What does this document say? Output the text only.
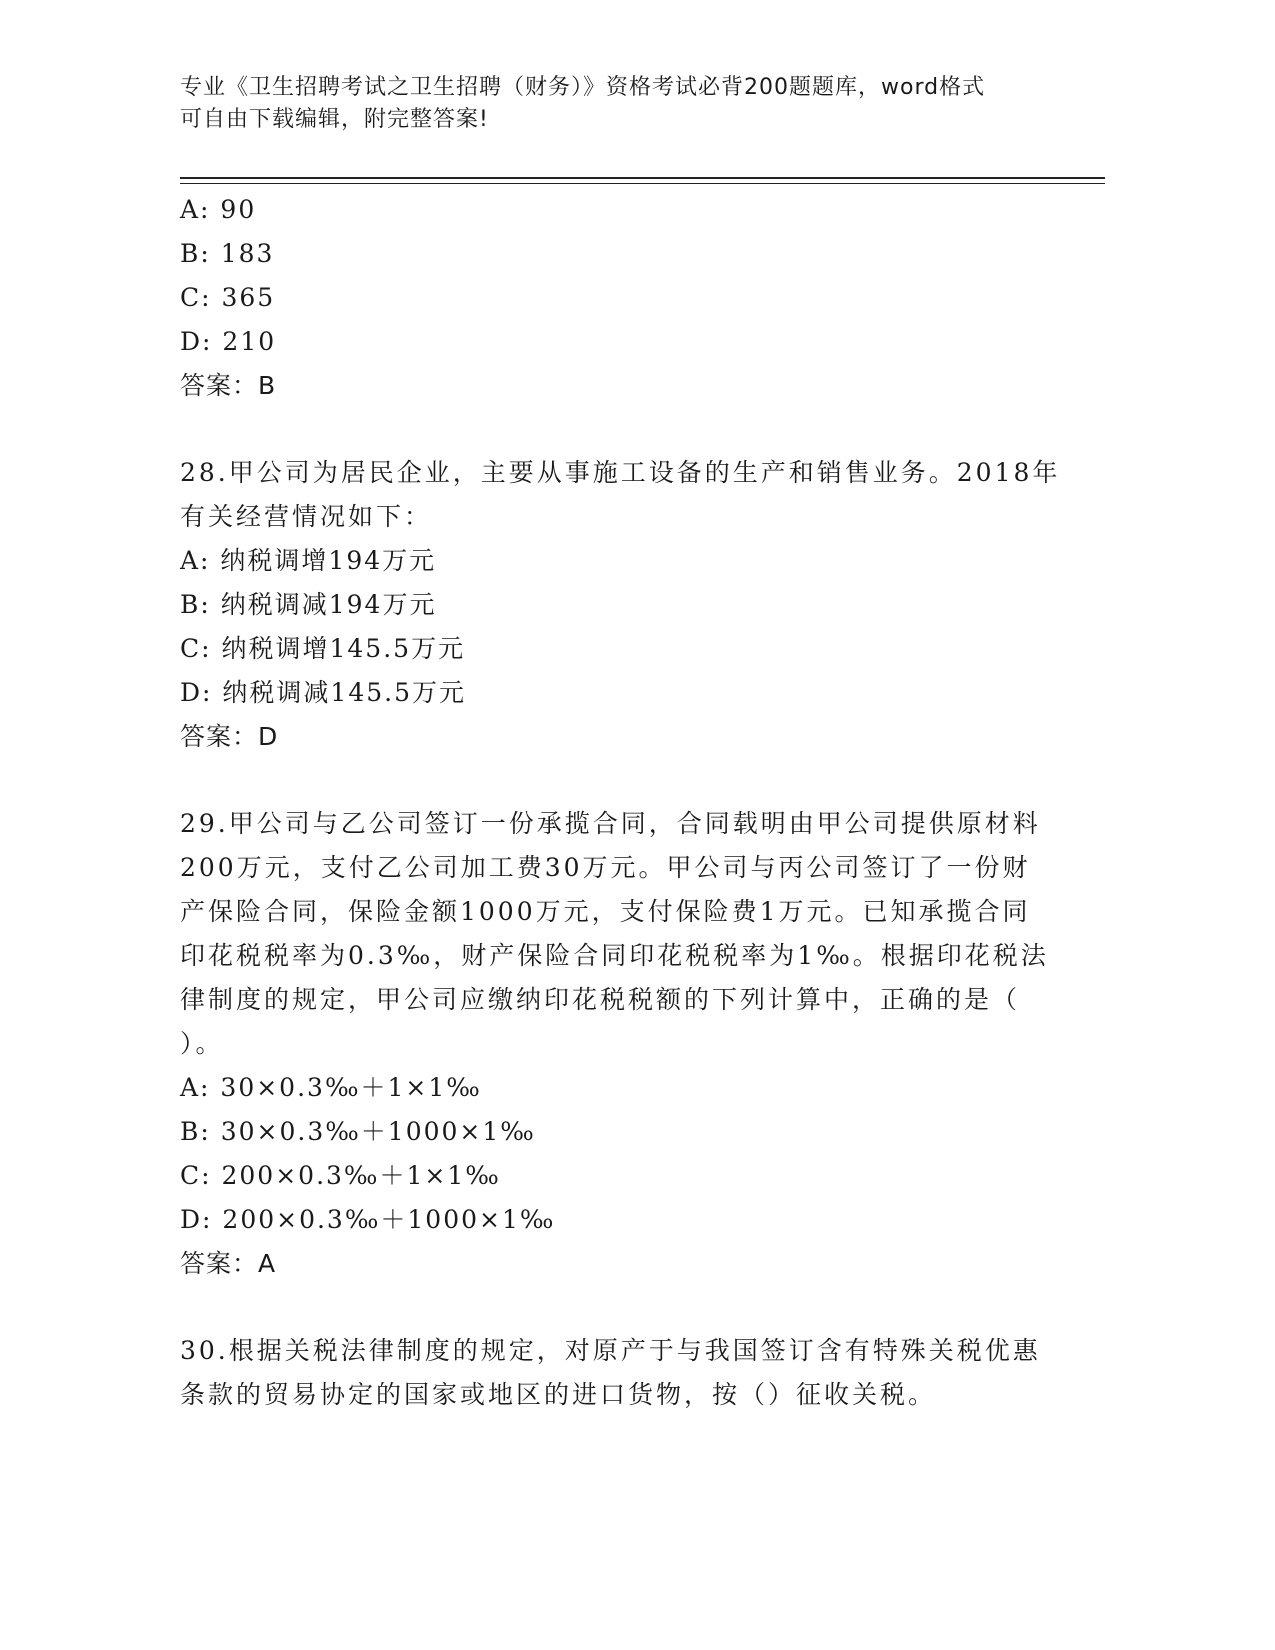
专业《卫生招聘考试之卫生招聘（财务）》资格考试必背200题题库，word格式
可自由下载编辑，附完整答案!
A: 90
B: 183
C: 365
D: 210
答案：B
28.甲公司为居民企业，主要从事施工设备的生产和销售业务。2018年
有关经营情况如下：
A: 纳税调增194万元
B: 纳税调减194万元
C: 纳税调增145.5万元
D: 纳税调减145.5万元
答案：D
29.甲公司与乙公司签订一份承揽合同，合同载明由甲公司提供原材料
200万元，支付乙公司加工费30万元。甲公司与丙公司签订了一份财
产保险合同，保险金额1000万元，支付保险费1万元。已知承揽合同
印花税税率为0.3‰，财产保险合同印花税税率为1‰。根据印花税法
律制度的规定，甲公司应缴纳印花税税额的下列计算中，正确的是（
）。
A: 30×0.3‰＋1×1‰
B: 30×0.3‰＋1000×1‰
C: 200×0.3‰＋1×1‰
D: 200×0.3‰＋1000×1‰
答案：A
30.根据关税法律制度的规定，对原产于与我国签订含有特殊关税优惠
条款的贸易协定的国家或地区的进口货物，按（）征收关税。
